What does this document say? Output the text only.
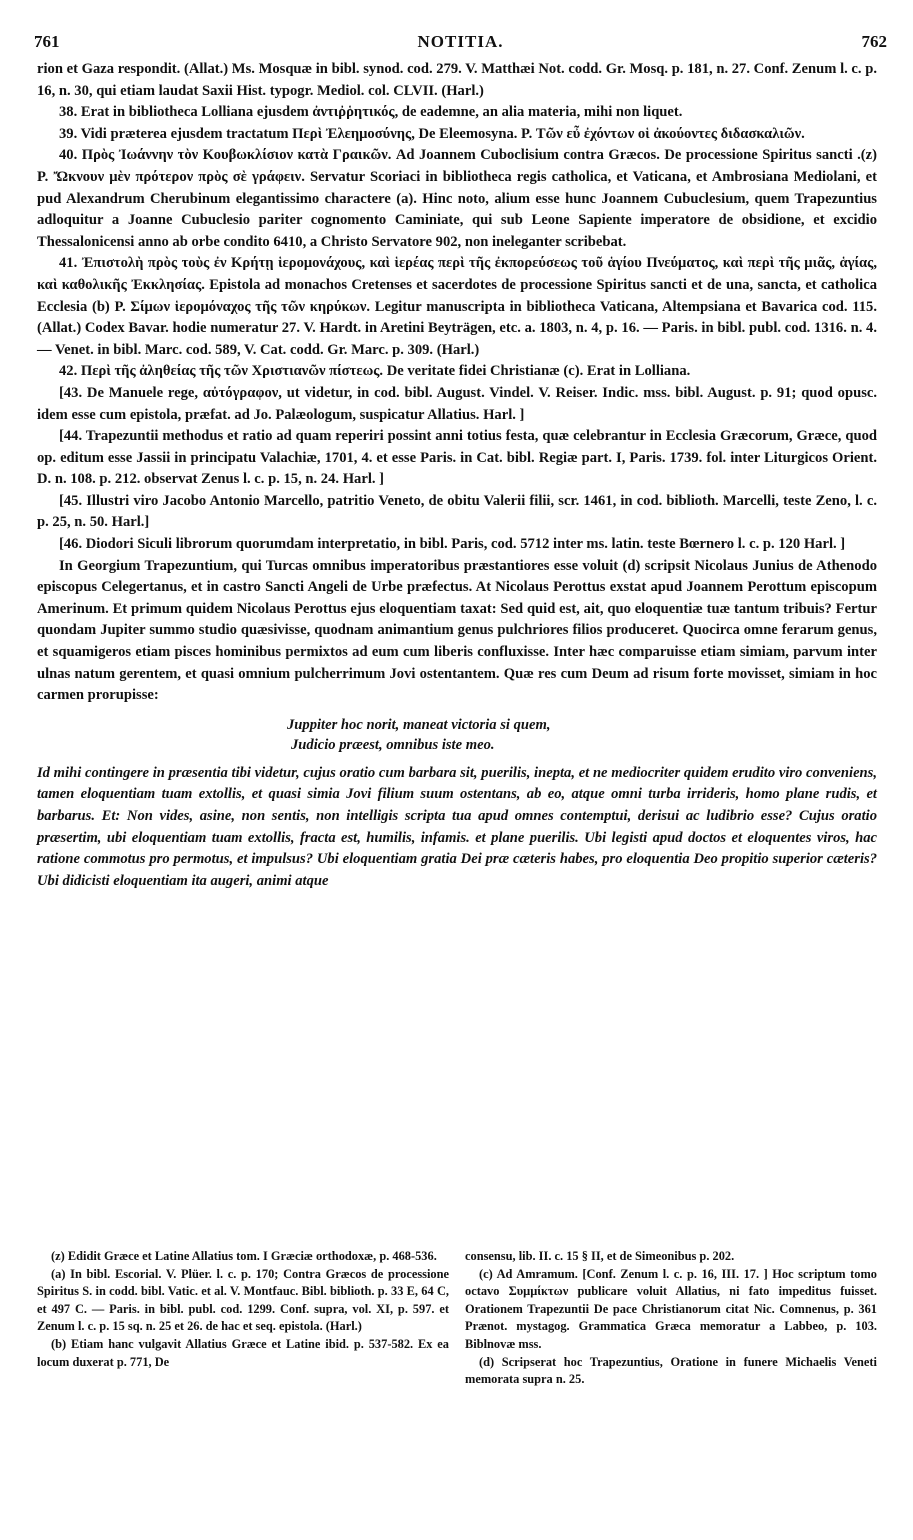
761	NOTITIA.	762

rion et Gaza respondit. (Allat.) Ms. Mosquæ in bibl. synod. cod. 279. V. Matthæi Not. codd. Gr. Mosq. p. 181, n. 27. Conf. Zenum l. c. p. 16, n. 30, qui etiam laudat Saxii Hist. typogr. Mediol. col. CLVII. (Harl.)

38. Erat in bibliotheca Lolliana ejusdem ἀντιῤῥητικός, de eademne, an alia materia, mihi non liquet.

39. Vidi præterea ejusdem tractatum Περὶ Ἐλεημοσύνης, De Eleemosyna. P. Τῶν εὖ ἐχόντων οἱ ἀκούοντες διδασκαλιῶν.

40. Πρὸς Ἰωάννην τὸν Κουβωκλίσιον κατὰ Γραικῶν. Ad Joannem Cuboclisium contra Græcos. De processione Spiritus sancti .(z) P. Ὤκνουν μὲν πρότερον πρὸς σὲ γράφειν. Servatur Scoriaci in bibliotheca regis catholica, et Vaticana, et Ambrosiana Mediolani, et pud Alexandrum Cherubinum elegantissimo charactere (a). Hinc noto, alium esse hunc Joannem Cubuclesium, quem Trapezuntius adloquitur a Joanne Cubuclesio pariter cognomento Caminiate, qui sub Leone Sapiente imperatore de obsidione, et excidio Thessalonicensi anno ab orbe condito 6410, a Christo Servatore 902, non ineleganter scribebat.

41. Ἐπιστολὴ πρὸς τοὺς ἐν Κρήτῃ ἱερομονάχους, καὶ ἱερέας περὶ τῆς ἐκπορεύσεως τοῦ ἁγίου Πνεύματος, καὶ περὶ τῆς μιᾶς, ἁγίας, καὶ καθολικῆς Ἐκκλησίας. Epistola ad monachos Cretenses et sacerdotes de processione Spiritus sancti et de una, sancta, et catholica Ecclesia (b) P. Σίμων ἱερομόναχος τῆς τῶν κηρύκων. Legitur manuscripta in bibliotheca Vaticana, Altempsiana et Bavarica cod. 115. (Allat.) Codex Bavar. hodie numeratur 27. V. Hardt. in Aretini Beyträgen, etc. a. 1803, n. 4, p. 16. — Paris. in bibl. publ. cod. 1316. n. 4. — Venet. in bibl. Marc. cod. 589, V. Cat. codd. Gr. Marc. p. 309. (Harl.)

42. Περὶ τῆς ἀληθείας τῆς τῶν Χριστιανῶν πίστεως. De veritate fidei Christianæ (c). Erat in Lolliana.

[43. De Manuele rege, αὐτόγραφον, ut videtur, in cod. bibl. August. Vindel. V. Reiser. Indic. mss. bibl. August. p. 91; quod opusc. idem esse cum epistola, præfat. ad Jo. Palæologum, suspicatur Allatius. Harl. ]

[44. Trapezuntii methodus et ratio ad quam reperiri possint anni totius festa, quæ celebrantur in Ecclesia Græcorum, Græce, quod op. editum esse Jassii in principatu Valachiæ, 1701, 4. et esse Paris. in Cat. bibl. Regiæ part. I, Paris. 1739. fol. inter Liturgicos Orient. D. n. 108. p. 212. observat Zenus l. c. p. 15, n. 24. Harl. ]

[45. Illustri viro Jacobo Antonio Marcello, patritio Veneto, de obitu Valerii filii, scr. 1461, in cod. biblioth. Marcelli, teste Zeno, l. c. p. 25, n. 50. Harl.]

[46. Diodori Siculi librorum quorumdam interpretatio, in bibl. Paris, cod. 5712 inter ms. latin. teste Bœrnero l. c. p. 120 Harl. ]

In Georgium Trapezuntium, qui Turcas omnibus imperatoribus præstantiores esse voluit (d) scripsit Nicolaus Junius de Athenodo episcopus Celegertanus, et in castro Sancti Angeli de Urbe præfectus. At Nicolaus Perottus exstat apud Joannem Perottum episcopum Amerinum. Et primum quidem Nicolaus Perottus ejus eloquentiam taxat: Sed quid est, ait, quo eloquentiæ tuæ tantum tribuis? Fertur quondam Jupiter summo studio quæsivisse, quodnam animantium genus pulchriores filios produceret. Quocirca omne ferarum genus, et squamigeros etiam pisces hominibus permixtos ad eum cum liberis confluxisse. Inter hæc comparuisse etiam simiam, parvum inter ulnas natum gerentem, et quasi omnium pulcherrimum Jovi ostentantem. Quæ res cum Deum ad risum forte movisset, simiam in hoc carmen prorupisse:

Juppiter hoc norit, maneat victoria si quem,
Judicio præest, omnibus iste meo.

Id mihi contingere in præsentia tibi videtur, cujus oratio cum barbara sit, puerilis, inepta, et ne mediocriter quidem erudito viro conveniens, tamen eloquentiam tuam extollis, et quasi simia Jovi filium suum ostentans, ab eo, atque omni turba irrideris, homo plane rudis, et barbarus. Et: Non vides, asine, non sentis, non intelligis scripta tua apud omnes contemptui, derisui ac ludibrio esse? Cujus oratio præsertim, ubi eloquentiam tuam extollis, fracta est, humilis, infamis. et plane puerilis. Ubi legisti apud doctos et eloquentes viros, hac ratione commotus pro permotus, et impulsus? Ubi eloquentiam gratia Dei præ cæteris habes, pro eloquentia Deo propitio superior cæteris? Ubi didicisti eloquentiam ita augeri, animi atque

(z) Edidit Græce et Latine Allatius tom. I Græciæ orthodoxæ, p. 468-536.

(a) In bibl. Escorial. V. Plüer. l. c. p. 170; Contra Græcos de processione Spiritus S. in codd. bibl. Vatic. et al. V. Montfauc. Bibl. biblioth. p. 33 E, 64 C, et 497 C. — Paris. in bibl. publ. cod. 1299. Conf. supra, vol. XI, p. 597. et Zenum l. c. p. 15 sq. n. 25 et 26. de hac et seq. epistola. (Harl.)

(b) Etiam hanc vulgavit Allatius Græce et Latine ibid. p. 537-582. Ex ea locum duxerat p. 771, De

consensu, lib. II. c. 15 § II, et de Simeonibus p. 202.

(c) Ad Amramum. [Conf. Zenum l. c. p. 16, III. 17. ] Hoc scriptum tomo octavo Συμμίκτων publicare voluit Allatius, ni fato impeditus fuisset. Orationem Trapezuntii De pace Christianorum citat Nic. Comnenus, p. 361 Prænot. mystagog. Grammatica Græca memoratur a Labbeo, p. 103. Biblnovæ mss.

(d) Scripserat hoc Trapezuntius, Oratione in funere Michaelis Veneti memorata supra n. 25.
